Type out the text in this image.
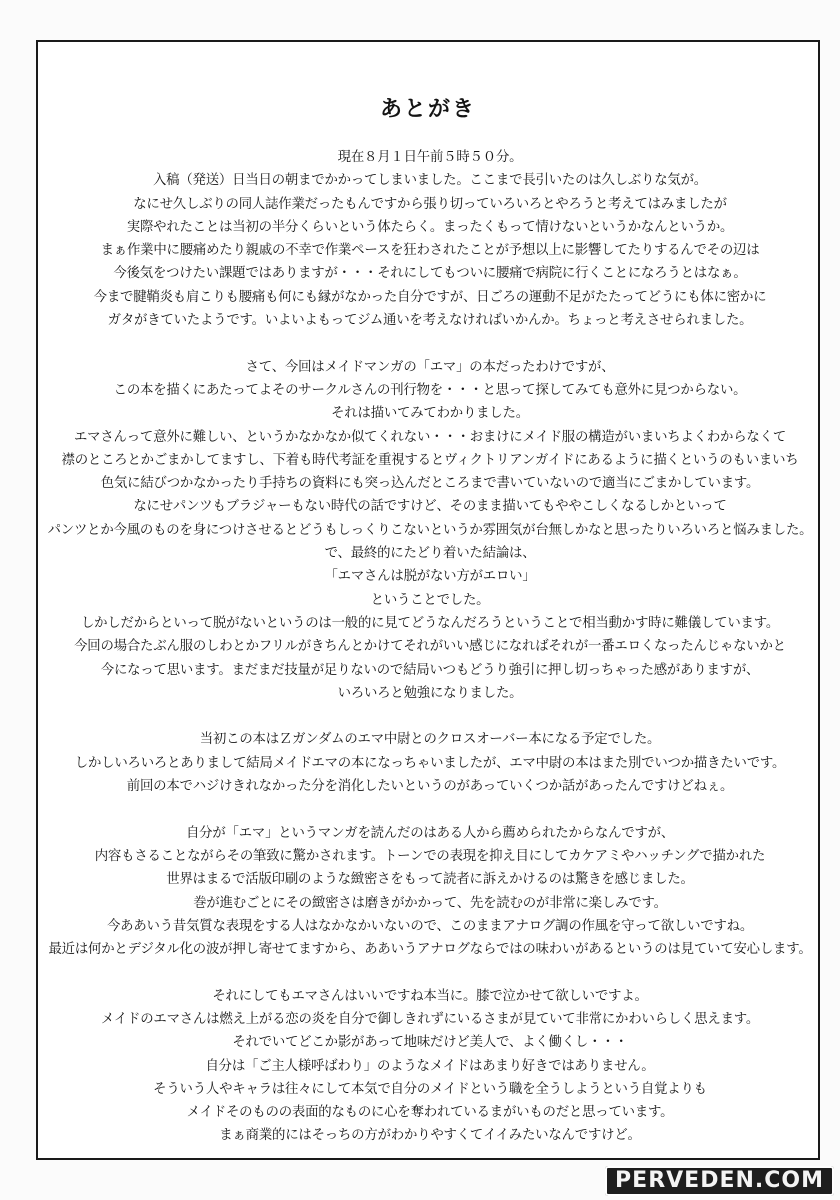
あとがき
現在８月１日午前５時５０分。
入稿（発送）日当日の朝までかかってしまいました。ここまで長引いたのは久しぶりな気が。
なにせ久しぶりの同人誌作業だったもんですから張り切っていろいろとやろうと考えてはみましたが
実際やれたことは当初の半分くらいという体たらく。まったくもって情けないというかなんというか。
まぁ作業中に腰痛めたり親戚の不幸で作業ペースを狂わされたことが予想以上に影響してたりするんでその辺は
今後気をつけたい課題ではありますが・・・それにしてもついに腰痛で病院に行くことになろうとはなぁ。
今まで腱鞘炎も肩こりも腰痛も何にも縁がなかった自分ですが、日ごろの運動不足がたたってどうにも体に密かに
ガタがきていたようです。いよいよもってジム通いを考えなければいかんか。ちょっと考えさせられました。
さて、今回はメイドマンガの「エマ」の本だったわけですが、
この本を描くにあたってよそのサークルさんの刊行物を・・・と思って探してみても意外に見つからない。
それは描いてみてわかりました。
エマさんって意外に難しい、というかなかなか似てくれない・・・おまけにメイド服の構造がいまいちよくわからなくて
襟のところとかごまかしてますし、下着も時代考証を重視するとヴィクトリアンガイドにあるように描くというのもいまいち
色気に結びつかなかったり手持ちの資料にも突っ込んだところまで書いていないので適当にごまかしています。
なにせパンツもブラジャーもない時代の話ですけど、そのまま描いてもややこしくなるしかといって
パンツとか今風のものを身につけさせるとどうもしっくりこないというか雰囲気が台無しかなと思ったりいろいろと悩みました。
で、最終的にたどり着いた結論は、
「エマさんは脱がない方がエロい」
ということでした。
しかしだからといって脱がないというのは一般的に見てどうなんだろうということで相当動かす時に難儀しています。
今回の場合たぶん服のしわとかフリルがきちんとかけてそれがいい感じになればそれが一番エロくなったんじゃないかと
今になって思います。まだまだ技量が足りないので結局いつもどうり強引に押し切っちゃった感がありますが、
いろいろと勉強になりました。
当初この本はＺガンダムのエマ中尉とのクロスオーバー本になる予定でした。
しかしいろいろとありまして結局メイドエマの本になっちゃいましたが、エマ中尉の本はまた別でいつか描きたいです。
前回の本でハジけきれなかった分を消化したいというのがあっていくつか話があったんですけどねぇ。
自分が「エマ」というマンガを読んだのはある人から薦められたからなんですが、
内容もさることながらその筆致に驚かされます。トーンでの表現を抑え目にしてカケアミやハッチングで描かれた
世界はまるで活版印刷のような緻密さをもって読者に訴えかけるのは驚きを感じました。
巻が進むごとにその緻密さは磨きがかかって、先を読むのが非常に楽しみです。
今ああいう昔気質な表現をする人はなかなかいないので、このままアナログ調の作風を守って欲しいですね。
最近は何かとデジタル化の波が押し寄せてますから、ああいうアナログならではの味わいがあるというのは見ていて安心します。
それにしてもエマさんはいいですね本当に。膝で泣かせて欲しいですよ。
メイドのエマさんは燃え上がる恋の炎を自分で御しきれずにいるさまが見ていて非常にかわいらしく思えます。
それでいてどこか影があって地味だけど美人で、よく働くし・・・
自分は「ご主人様呼ばわり」のようなメイドはあまり好きではありません。
そういう人やキャラは往々にして本気で自分のメイドという職を全うしようという自覚よりも
メイドそのものの表面的なものに心を奪われているまがいものだと思っています。
まぁ商業的にはそっちの方がわかりやすくてイイみたいなんですけど。
PERVEDEN.COM
